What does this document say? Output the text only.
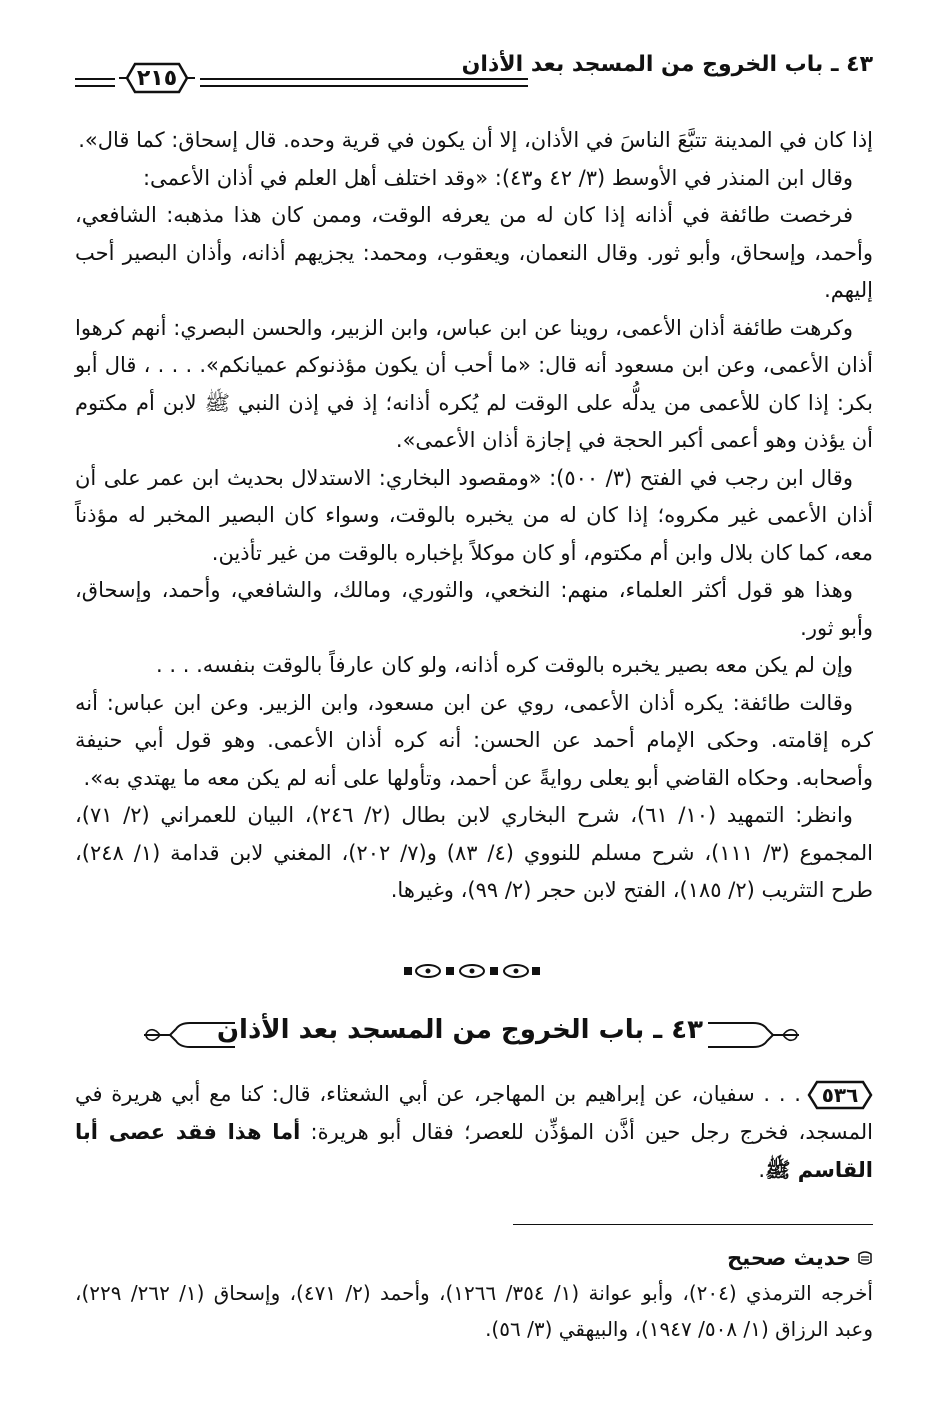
٤٣ ـ باب الخروج من المسجد بعد الأذان
٢١٥

إذا كان في المدينة تتبَّعَ الناسَ في الأذان، إلا أن يكون في قرية وحده. قال إسحاق: كما قال».

وقال ابن المنذر في الأوسط (٣/ ٤٢ و٤٣): «وقد اختلف أهل العلم في أذان الأعمى:

فرخصت طائفة في أذانه إذا كان له من يعرفه الوقت، وممن كان هذا مذهبه: الشافعي، وأحمد، وإسحاق، وأبو ثور. وقال النعمان، ويعقوب، ومحمد: يجزيهم أذانه، وأذان البصير أحب إليهم.

وكرهت طائفة أذان الأعمى، روينا عن ابن عباس، وابن الزبير، والحسن البصري: أنهم كرهوا أذان الأعمى، وعن ابن مسعود أنه قال: «ما أحب أن يكون مؤذنوكم عميانكم». . . . ، قال أبو بكر: إذا كان للأعمى من يدلُّه على الوقت لم يُكره أذانه؛ إذ في إذن النبي ﷺ لابن أم مكتوم أن يؤذن وهو أعمى أكبر الحجة في إجازة أذان الأعمى».

وقال ابن رجب في الفتح (٣/ ٥٠٠): «ومقصود البخاري: الاستدلال بحديث ابن عمر على أن أذان الأعمى غير مكروه؛ إذا كان له من يخبره بالوقت، وسواء كان البصير المخبر له مؤذناً معه، كما كان بلال وابن أم مكتوم، أو كان موكلاً بإخباره بالوقت من غير تأذين.

وهذا هو قول أكثر العلماء، منهم: النخعي، والثوري، ومالك، والشافعي، وأحمد، وإسحاق، وأبو ثور.

وإن لم يكن معه بصير يخبره بالوقت كره أذانه، ولو كان عارفاً بالوقت بنفسه. . . .

وقالت طائفة: يكره أذان الأعمى، روي عن ابن مسعود، وابن الزبير. وعن ابن عباس: أنه كره إقامته. وحكى الإمام أحمد عن الحسن: أنه كره أذان الأعمى. وهو قول أبي حنيفة وأصحابه. وحكاه القاضي أبو يعلى روايةً عن أحمد، وتأولها على أنه لم يكن معه ما يهتدي به».

وانظر: التمهيد (١٠/ ٦١)، شرح البخاري لابن بطال (٢/ ٢٤٦)، البيان للعمراني (٢/ ٧١)، المجموع (٣/ ١١١)، شرح مسلم للنووي (٤/ ٨٣) و(٧/ ٢٠٢)، المغني لابن قدامة (١/ ٢٤٨)، طرح التثريب (٢/ ١٨٥)، الفتح لابن حجر (٢/ ٩٩)، وغيرها.

٤٣ ـ باب الخروج من المسجد بعد الأذان
٥٣٦. . . سفيان، عن إبراهيم بن المهاجر، عن أبي الشعثاء، قال: كنا مع أبي هريرة في المسجد، فخرج رجل حين أذَّن المؤذِّن للعصر؛ فقال أبو هريرة: أما هذا فقد عصى أبا القاسم ﷺ.
حديث صحيح

أخرجه الترمذي (٢٠٤)، وأبو عوانة (١/ ٣٥٤/ ١٢٦٦)، وأحمد (٢/ ٤٧١)، وإسحاق (١/ ٢٦٢/ ٢٢٩)، وعبد الرزاق (١/ ٥٠٨/ ١٩٤٧)، والبيهقي (٣/ ٥٦).
